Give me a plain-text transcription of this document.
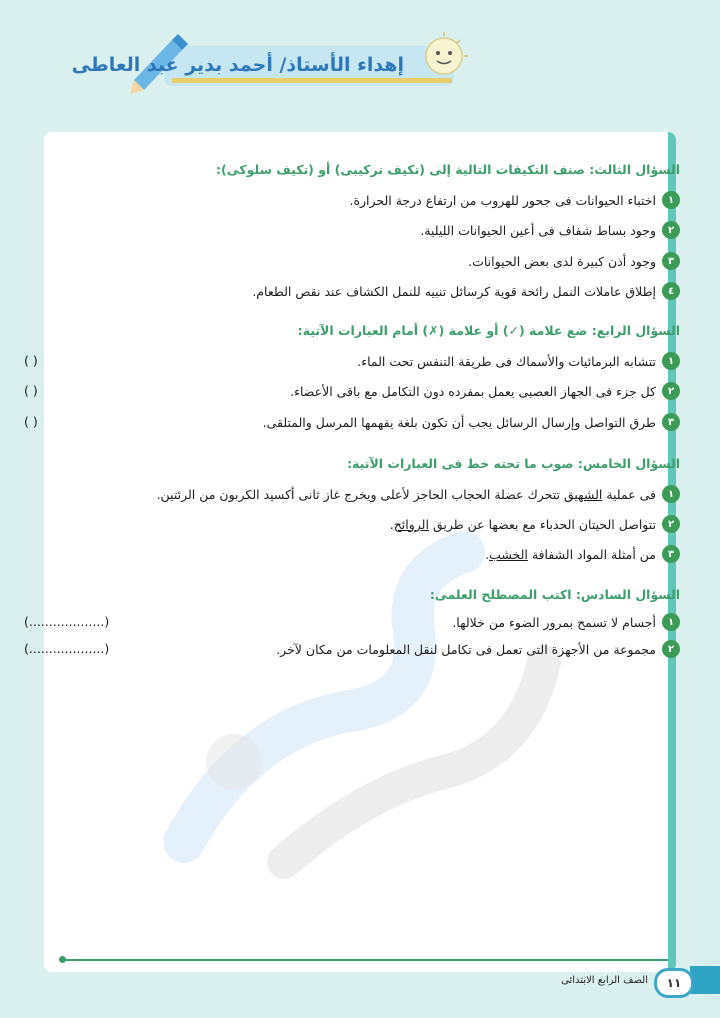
إهداء الأستاذ/ أحمد بدير عبد العاطى
السؤال الثالث: صنف التكيفات التالية إلى (تكيف تركيبى) أو (تكيف سلوكى):
١
اختباء الحيوانات فى جحور للهروب من ارتفاع درجة الحرارة.
٢
وجود بساط شفاف فى أعين الحيوانات الليلية.
٣
وجود أذن كبيرة لدى بعض الحيوانات.
٤
إطلاق عاملات النمل رائحة قوية كرسائل تنبيه للنمل الكشاف عند نقص الطعام.
السؤال الرابع: ضع علامة (✓) أو علامة (✗) أمام العبارات الآتية:
١
تتشابه البرمائيات والأسماك فى طريقة التنفس تحت الماء.
( )
٢
كل جزء فى الجهاز العصبى يعمل بمفرده دون التكامل مع باقى الأعضاء.
( )
٣
طرق التواصل وإرسال الرسائل يجب أن تكون بلغة يفهمها المرسل والمتلقى.
( )
السؤال الخامس: صوب ما تحته خط فى العبارات الآتية:
١
فى عملية
الشهيق
تتحرك عضلة الحجاب الحاجز لأعلى ويخرج غاز ثانى أكسيد الكربون من الرئتين.
٢
تتواصل الحيتان الحدباء مع بعضها عن طريق
الروائح
.
٣
من أمثلة المواد الشفافة
الخشب
.
السؤال السادس: اكتب المصطلح العلمى:
١
أجسام لا تسمح بمرور الضوء من خلالها.
(...................)
٢
مجموعة من الأجهزة التى تعمل فى تكامل لنقل المعلومات من مكان لآخر.
(...................)
١١
الصف الرابع الابتدائى
